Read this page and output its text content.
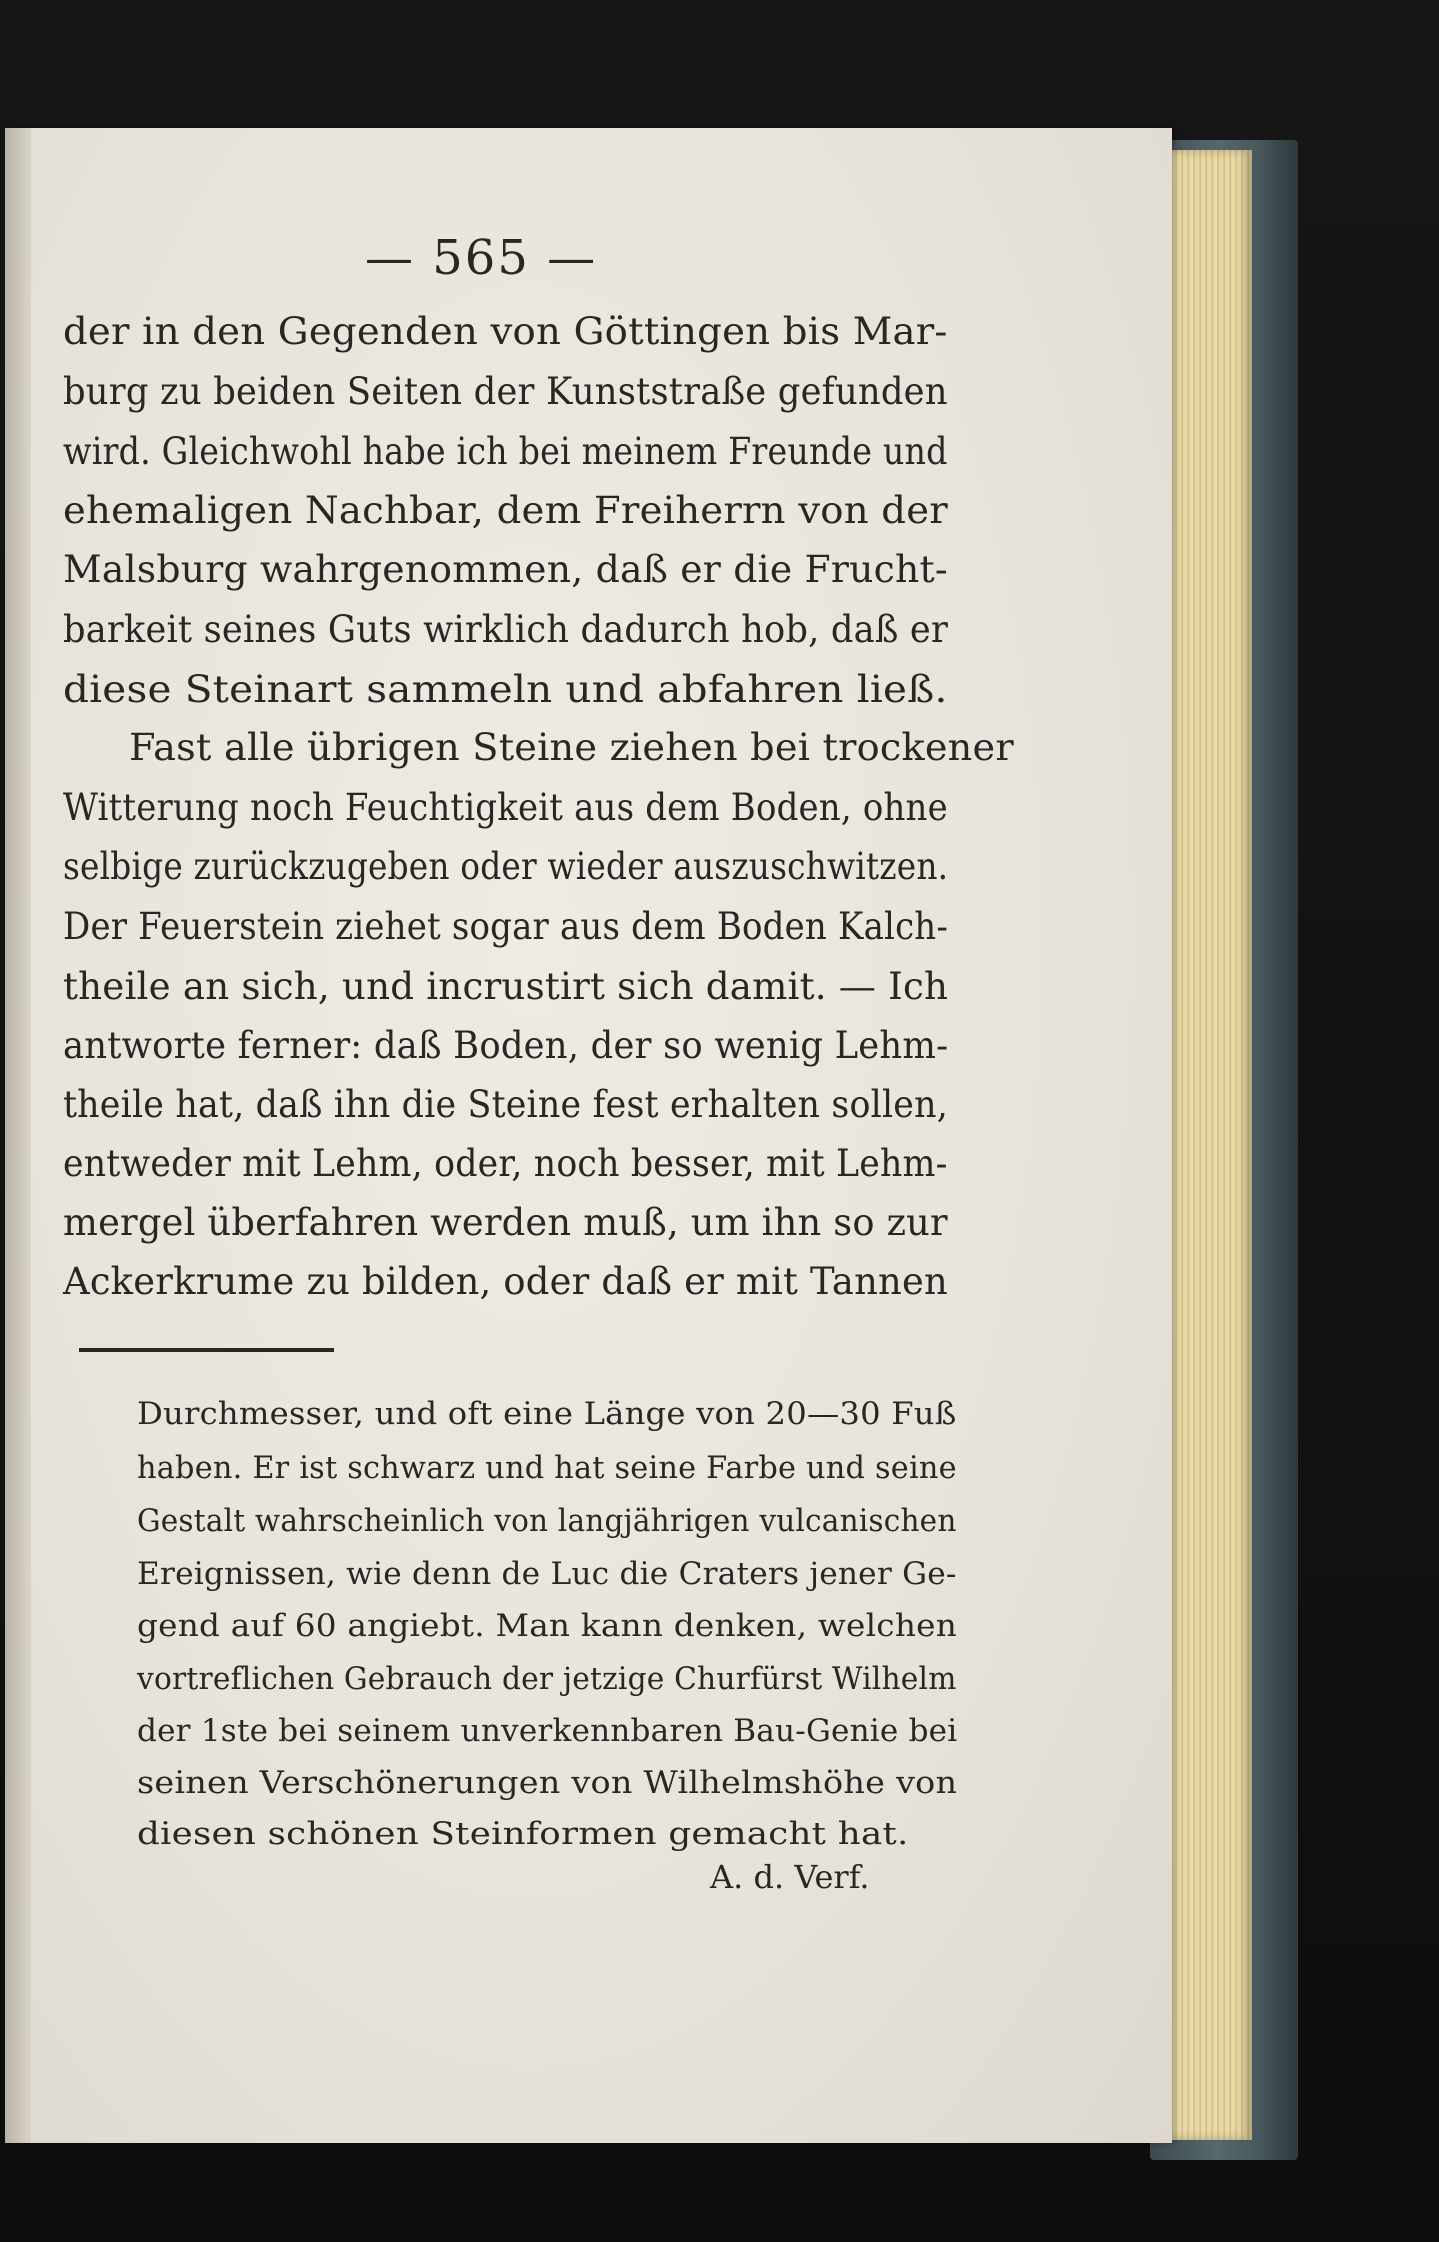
— 565 —
der in den Gegenden von Göttingen bis Mar-
burg zu beiden Seiten der Kunststraße gefunden
wird. Gleichwohl habe ich bei meinem Freunde und
ehemaligen Nachbar, dem Freiherrn von der
Malsburg wahrgenommen, daß er die Frucht-
barkeit seines Guts wirklich dadurch hob, daß er
diese Steinart sammeln und abfahren ließ.
Fast alle übrigen Steine ziehen bei trockener
Witterung noch Feuchtigkeit aus dem Boden, ohne
selbige zurückzugeben oder wieder auszuschwitzen.
Der Feuerstein ziehet sogar aus dem Boden Kalch-
theile an sich, und incrustirt sich damit. — Ich
antworte ferner: daß Boden, der so wenig Lehm-
theile hat, daß ihn die Steine fest erhalten sollen,
entweder mit Lehm, oder, noch besser, mit Lehm-
mergel überfahren werden muß, um ihn so zur
Ackerkrume zu bilden, oder daß er mit Tannen
Durchmesser, und oft eine Länge von 20—30 Fuß
haben. Er ist schwarz und hat seine Farbe und seine
Gestalt wahrscheinlich von langjährigen vulcanischen
Ereignissen, wie denn de Luc die Craters jener Ge-
gend auf 60 angiebt. Man kann denken, welchen
vortreflichen Gebrauch der jetzige Churfürst Wilhelm
der 1ste bei seinem unverkennbaren Bau-Genie bei
seinen Verschönerungen von Wilhelmshöhe von
diesen schönen Steinformen gemacht hat.
A. d. Verf.
